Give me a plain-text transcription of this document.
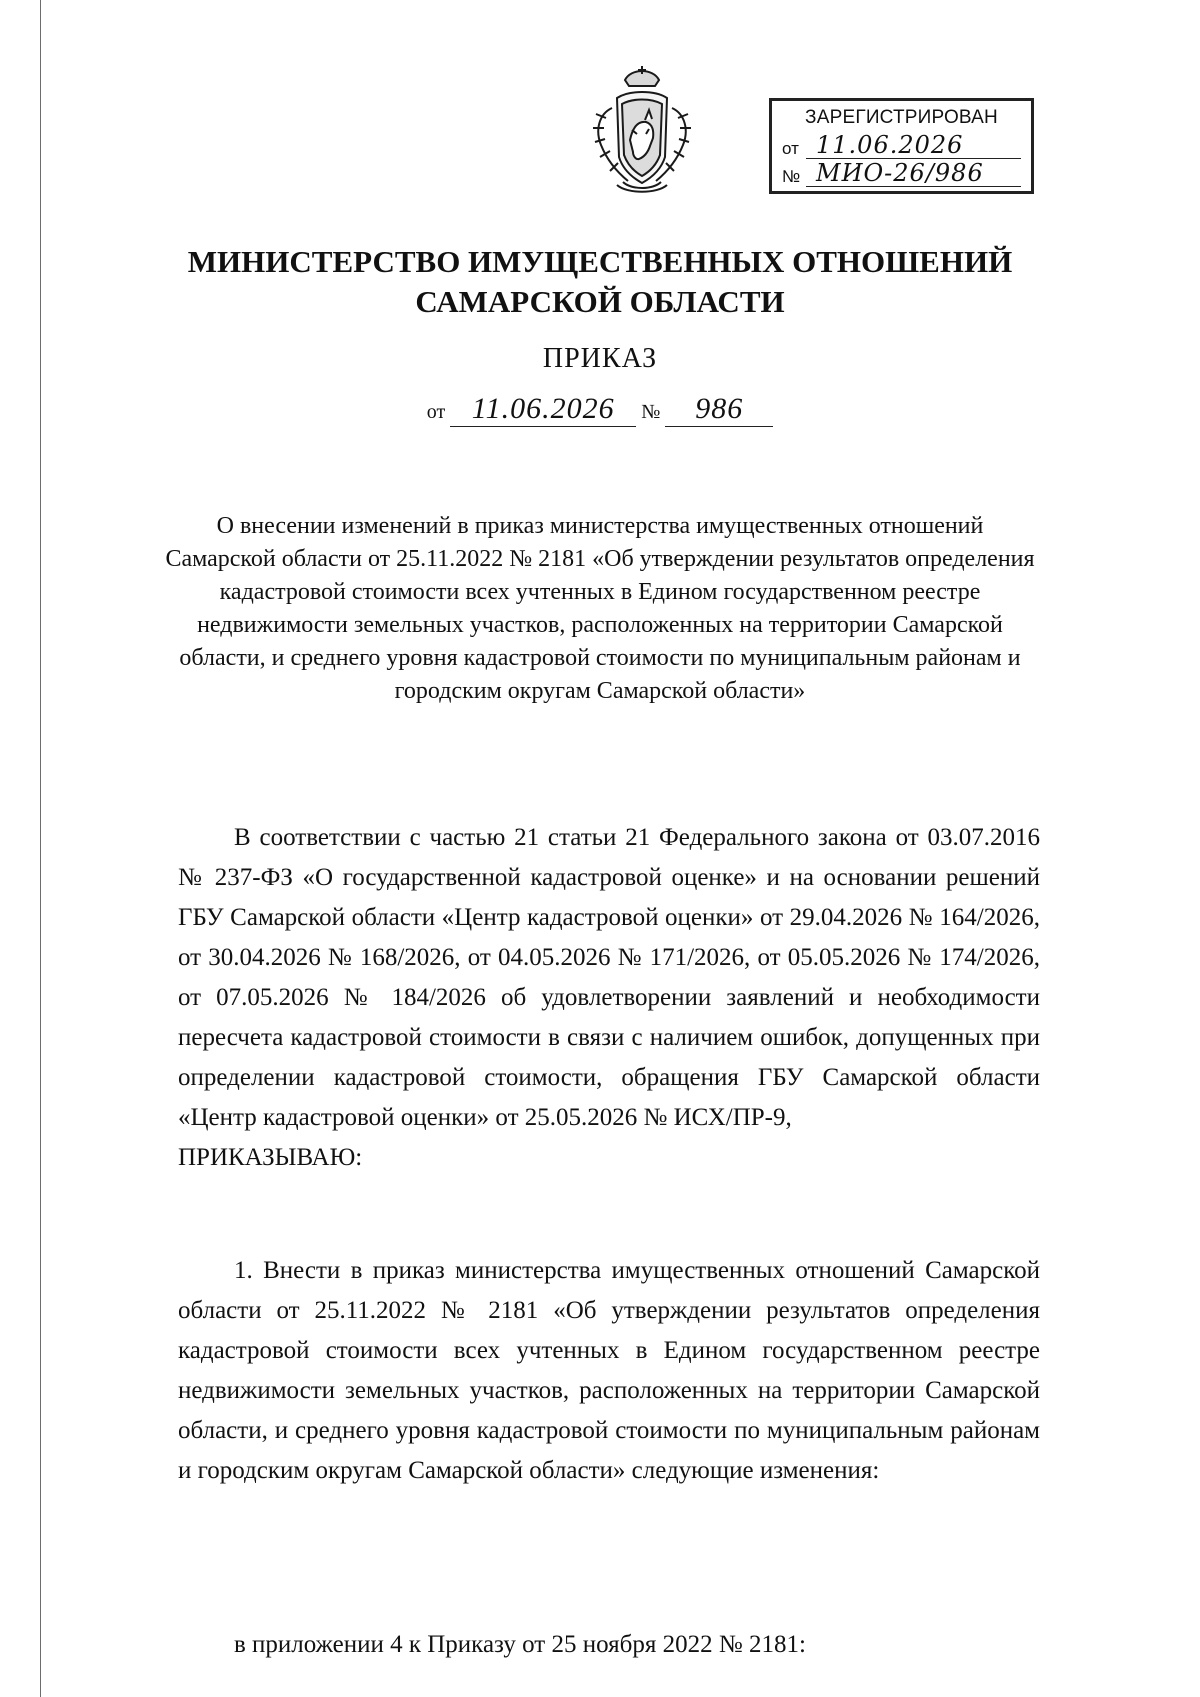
ЗАРЕГИСТРИРОВАН
от 11.06.2026
№ МИО-26/986
МИНИСТЕРСТВО ИМУЩЕСТВЕННЫХ ОТНОШЕНИЙ
САМАРСКОЙ ОБЛАСТИ
ПРИКАЗ
от 11.06.2026 № 986
О внесении изменений в приказ министерства имущественных отношений Самарской области от 25.11.2022 № 2181 «Об утверждении результатов определения кадастровой стоимости всех учтенных в Едином государственном реестре недвижимости земельных участков, расположенных на территории Самарской области, и среднего уровня кадастровой стоимости по муниципальным районам и городским округам Самарской области»
В соответствии с частью 21 статьи 21 Федерального закона от 03.07.2016 № 237-ФЗ «О государственной кадастровой оценке» и на основании решений ГБУ Самарской области «Центр кадастровой оценки» от 29.04.2026 № 164/2026, от 30.04.2026 № 168/2026, от 04.05.2026 № 171/2026, от 05.05.2026 № 174/2026, от 07.05.2026 № 184/2026 об удовлетворении заявлений и необходимости пересчета кадастровой стоимости в связи с наличием ошибок, допущенных при определении кадастровой стоимости, обращения ГБУ Самарской области «Центр кадастровой оценки» от 25.05.2026 № ИСХ/ПР-9,
ПРИКАЗЫВАЮ:
1. Внести в приказ министерства имущественных отношений Самарской области от 25.11.2022 № 2181 «Об утверждении результатов определения кадастровой стоимости всех учтенных в Едином государственном реестре недвижимости земельных участков, расположенных на территории Самарской области, и среднего уровня кадастровой стоимости по муниципальным районам и городским округам Самарской области» следующие изменения:
в приложении 4 к Приказу от 25 ноября 2022 № 2181:
